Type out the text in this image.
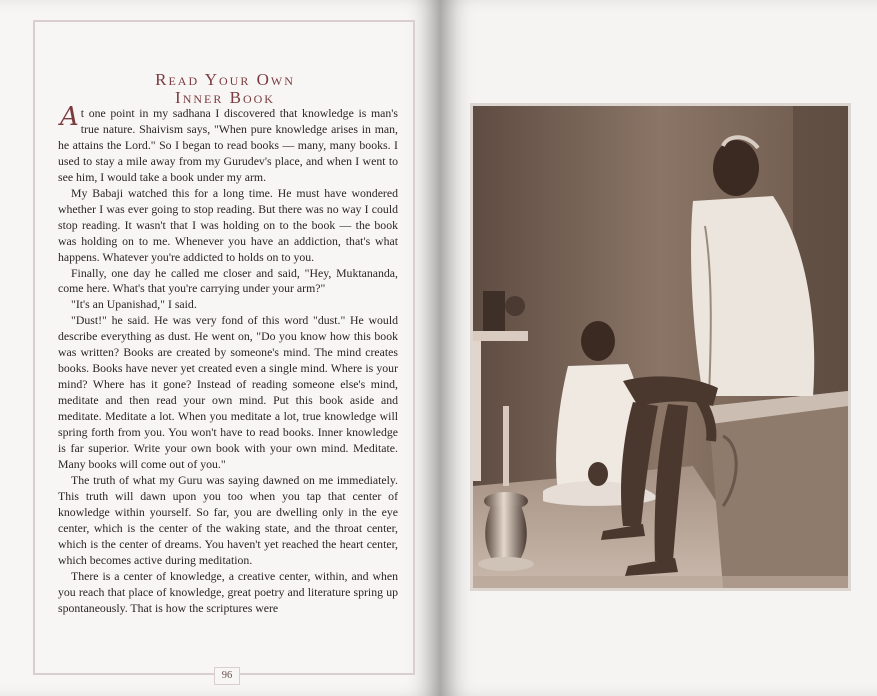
Read Your Own
Inner Book

At one point in my sadhana I discovered that knowledge is man's true nature. Shaivism says, "When pure knowledge arises in man, he attains the Lord." So I began to read books — many, many books. I used to stay a mile away from my Gurudev's place, and when I went to see him, I would take a book under my arm.

My Babaji watched this for a long time. He must have wondered whether I was ever going to stop reading. But there was no way I could stop reading. It wasn't that I was holding on to the book — the book was holding on to me. Whenever you have an addiction, that's what happens. Whatever you're addicted to holds on to you.

Finally, one day he called me closer and said, "Hey, Muktananda, come here. What's that you're carrying under your arm?"

"It's an Upanishad," I said.

"Dust!" he said. He was very fond of this word "dust." He would describe everything as dust. He went on, "Do you know how this book was written? Books are created by someone's mind. The mind creates books. Books have never yet created even a single mind. Where is your mind? Where has it gone? Instead of reading someone else's mind, meditate and then read your own mind. Put this book aside and meditate. Meditate a lot. When you meditate a lot, true knowledge will spring forth from you. You won't have to read books. Inner knowledge is far superior. Write your own book with your own mind. Meditate. Many books will come out of you."

The truth of what my Guru was saying dawned on me immediately. This truth will dawn upon you too when you tap that center of knowledge within yourself. So far, you are dwelling only in the eye center, which is the center of the waking state, and the throat center, which is the center of dreams. You haven't yet reached the heart center, which becomes active during meditation.

There is a center of knowledge, a creative center, within, and when you reach that place of knowledge, great poetry and literature spring up spontaneously. That is how the scriptures were

96
